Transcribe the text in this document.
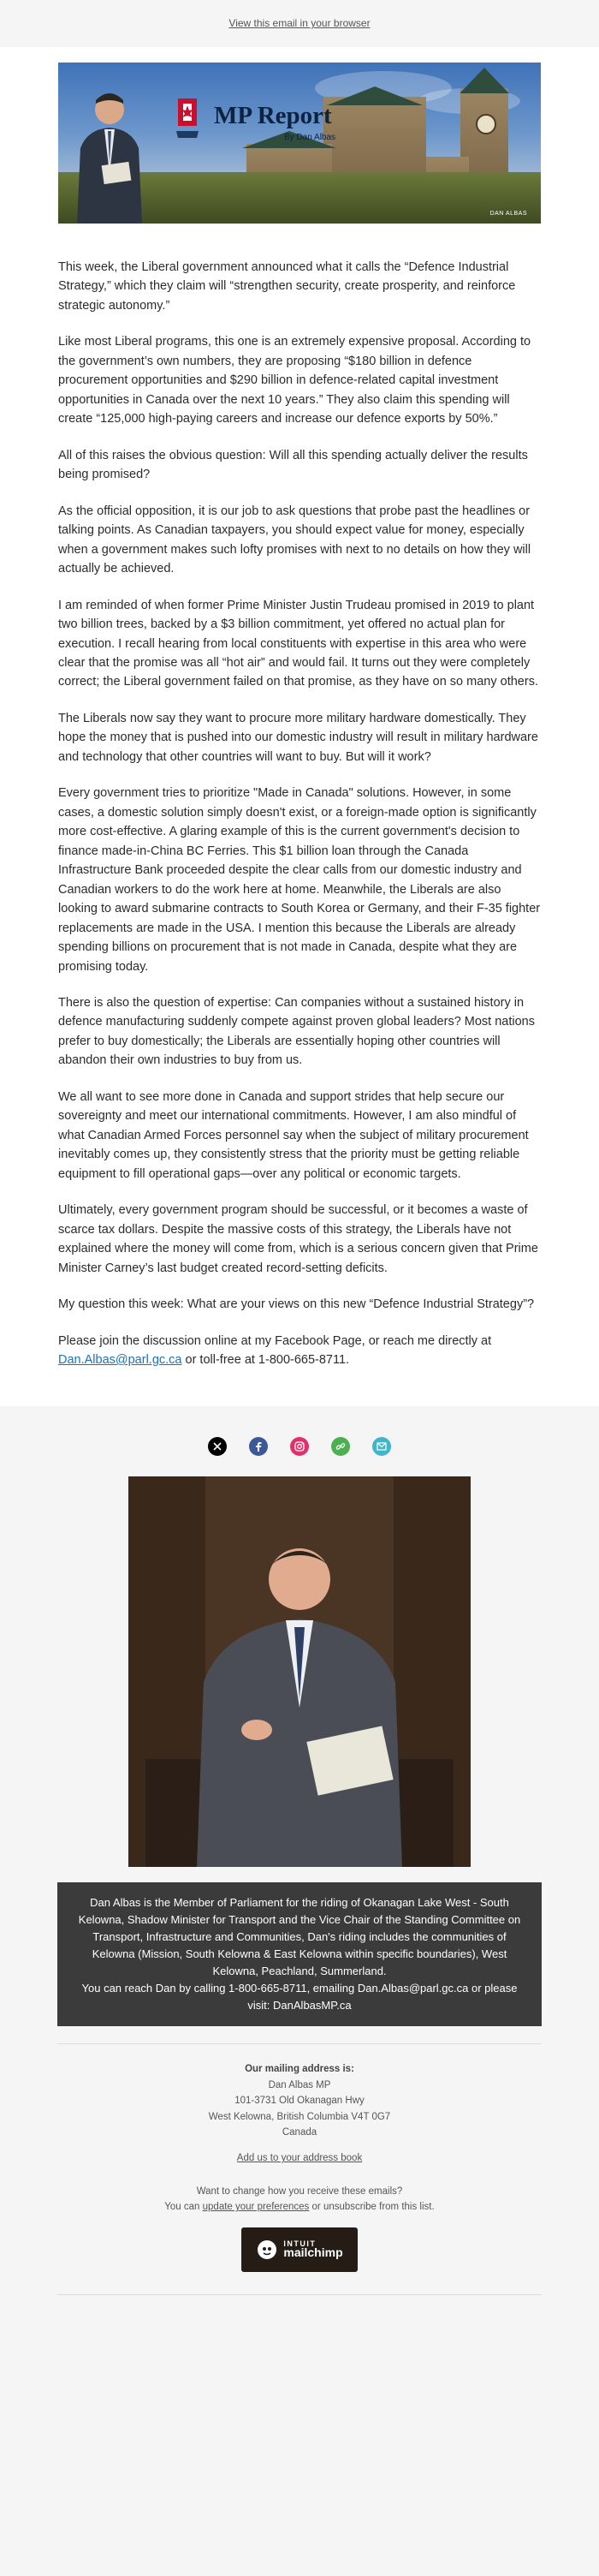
View this email in your browser
MP Report
By Dan Albas
DAN ALBAS

This week, the Liberal government announced what it calls the “Defence Industrial Strategy,” which they claim will “strengthen security, create prosperity, and reinforce strategic autonomy.”

Like most Liberal programs, this one is an extremely expensive proposal. According to the government’s own numbers, they are proposing “$180 billion in defence procurement opportunities and $290 billion in defence-related capital investment opportunities in Canada over the next 10 years.” They also claim this spending will create “125,000 high-paying careers and increase our defence exports by 50%.”

All of this raises the obvious question: Will all this spending actually deliver the results being promised?

As the official opposition, it is our job to ask questions that probe past the headlines or talking points. As Canadian taxpayers, you should expect value for money, especially when a government makes such lofty promises with next to no details on how they will actually be achieved.

I am reminded of when former Prime Minister Justin Trudeau promised in 2019 to plant two billion trees, backed by a $3 billion commitment, yet offered no actual plan for execution. I recall hearing from local constituents with expertise in this area who were clear that the promise was all “hot air” and would fail. It turns out they were completely correct; the Liberal government failed on that promise, as they have on so many others.

The Liberals now say they want to procure more military hardware domestically. They hope the money that is pushed into our domestic industry will result in military hardware and technology that other countries will want to buy. But will it work?

Every government tries to prioritize "Made in Canada" solutions. However, in some cases, a domestic solution simply doesn't exist, or a foreign-made option is significantly more cost-effective. A glaring example of this is the current government's decision to finance made-in-China BC Ferries. This $1 billion loan through the Canada Infrastructure Bank proceeded despite the clear calls from our domestic industry and Canadian workers to do the work here at home. Meanwhile, the Liberals are also looking to award submarine contracts to South Korea or Germany, and their F-35 fighter replacements are made in the USA. I mention this because the Liberals are already spending billions on procurement that is not made in Canada, despite what they are promising today.

There is also the question of expertise: Can companies without a sustained history in defence manufacturing suddenly compete against proven global leaders? Most nations prefer to buy domestically; the Liberals are essentially hoping other countries will abandon their own industries to buy from us.

We all want to see more done in Canada and support strides that help secure our sovereignty and meet our international commitments. However, I am also mindful of what Canadian Armed Forces personnel say when the subject of military procurement inevitably comes up, they consistently stress that the priority must be getting reliable equipment to fill operational gaps—over any political or economic targets.

Ultimately, every government program should be successful, or it becomes a waste of scarce tax dollars. Despite the massive costs of this strategy, the Liberals have not explained where the money will come from, which is a serious concern given that Prime Minister Carney’s last budget created record-setting deficits.

My question this week: What are your views on this new “Defence Industrial Strategy”?

Please join the discussion online at my Facebook Page, or reach me directly at Dan.Albas@parl.gc.ca or toll-free at 1-800-665-8711.

Dan Albas is the Member of Parliament for the riding of Okanagan Lake West - South Kelowna, Shadow Minister for Transport and the Vice Chair of the Standing Committee on Transport, Infrastructure and Communities, Dan's riding includes the communities of Kelowna (Mission, South Kelowna & East Kelowna within specific boundaries), West Kelowna, Peachland, Summerland.
You can reach Dan by calling 1-800-665-8711, emailing Dan.Albas@parl.gc.ca or please visit: DanAlbasMP.ca
Our mailing address is:
Dan Albas MP
101-3731 Old Okanagan Hwy
West Kelowna, British Columbia V4T 0G7
Canada

Add us to your address book
Want to change how you receive these emails?
You can update your preferences or unsubscribe from this list.
INTUIT
mailchimp
